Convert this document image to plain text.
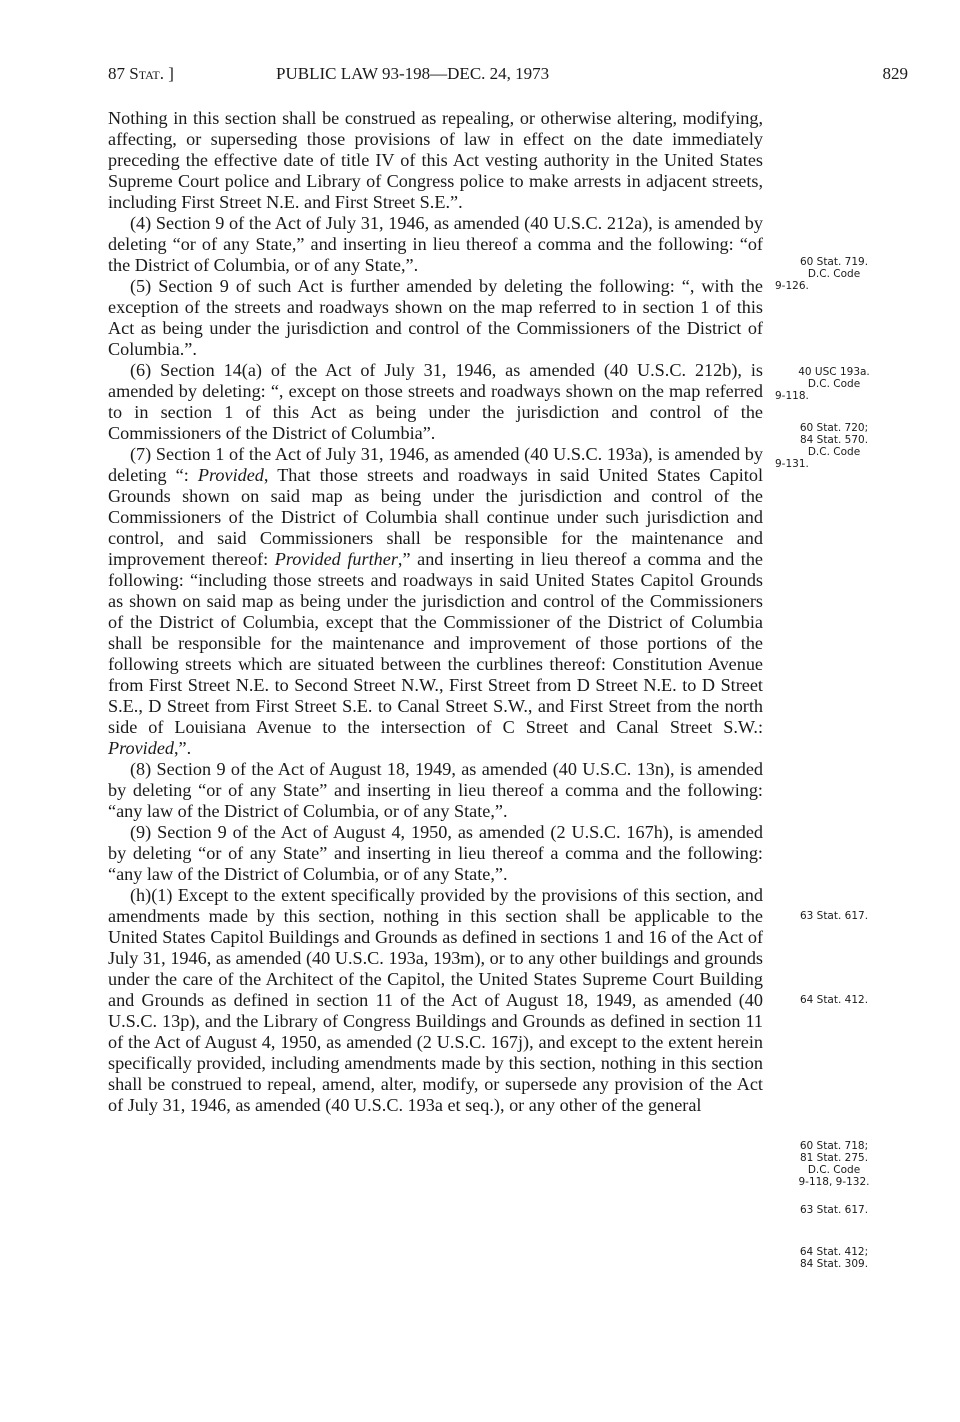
87 Stat. ]	PUBLIC LAW 93-198—DEC. 24, 1973	829

Nothing in this section shall be construed as repealing, or otherwise altering, modifying, affecting, or superseding those provisions of law in effect on the date immediately preceding the effective date of title IV of this Act vesting authority in the United States Supreme Court police and Library of Congress police to make arrests in adjacent streets, including First Street N.E. and First Street S.E.”.

(4) Section 9 of the Act of July 31, 1946, as amended (40 U.S.C. 212a), is amended by deleting “or of any State,” and inserting in lieu thereof a comma and the following: “of the District of Columbia, or of any State,”.

(5) Section 9 of such Act is further amended by deleting the following: “, with the exception of the streets and roadways shown on the map referred to in section 1 of this Act as being under the jurisdiction and control of the Commissioners of the District of Columbia.”.

(6) Section 14(a) of the Act of July 31, 1946, as amended (40 U.S.C. 212b), is amended by deleting: “, except on those streets and roadways shown on the map referred to in section 1 of this Act as being under the jurisdiction and control of the Commissioners of the District of Columbia”.

(7) Section 1 of the Act of July 31, 1946, as amended (40 U.S.C. 193a), is amended by deleting “: Provided, That those streets and roadways in said United States Capitol Grounds shown on said map as being under the jurisdiction and control of the Commissioners of the District of Columbia shall continue under such jurisdiction and control, and said Commissioners shall be responsible for the maintenance and improvement thereof: Provided further,” and inserting in lieu thereof a comma and the following: “including those streets and roadways in said United States Capitol Grounds as shown on said map as being under the jurisdiction and control of the Commissioners of the District of Columbia, except that the Commissioner of the District of Columbia shall be responsible for the maintenance and improvement of those portions of the following streets which are situated between the curblines thereof: Constitution Avenue from First Street N.E. to Second Street N.W., First Street from D Street N.E. to D Street S.E., D Street from First Street S.E. to Canal Street S.W., and First Street from the north side of Louisiana Avenue to the intersection of C Street and Canal Street S.W.: Provided,”.

(8) Section 9 of the Act of August 18, 1949, as amended (40 U.S.C. 13n), is amended by deleting “or of any State” and inserting in lieu thereof a comma and the following: “any law of the District of Columbia, or of any State,”.

(9) Section 9 of the Act of August 4, 1950, as amended (2 U.S.C. 167h), is amended by deleting “or of any State” and inserting in lieu thereof a comma and the following: “any law of the District of Columbia, or of any State,”.

(h)(1) Except to the extent specifically provided by the provisions of this section, and amendments made by this section, nothing in this section shall be applicable to the United States Capitol Buildings and Grounds as defined in sections 1 and 16 of the Act of July 31, 1946, as amended (40 U.S.C. 193a, 193m), or to any other buildings and grounds under the care of the Architect of the Capitol, the United States Supreme Court Building and Grounds as defined in section 11 of the Act of August 18, 1949, as amended (40 U.S.C. 13p), and the Library of Congress Buildings and Grounds as defined in section 11 of the Act of August 4, 1950, as amended (2 U.S.C. 167j), and except to the extent herein specifically provided, including amendments made by this section, nothing in this section shall be construed to repeal, amend, alter, modify, or supersede any provision of the Act of July 31, 1946, as amended (40 U.S.C. 193a et seq.), or any other of the general

60 Stat. 719.
D.C. Code
9-126.
40 USC 193a.
D.C. Code
9-118.
60 Stat. 720;
84 Stat. 570.
D.C. Code
9-131.
63 Stat. 617.
64 Stat. 412.
60 Stat. 718;
81 Stat. 275.
D.C. Code
9-118, 9-132.
63 Stat. 617.
64 Stat. 412;
84 Stat. 309.
